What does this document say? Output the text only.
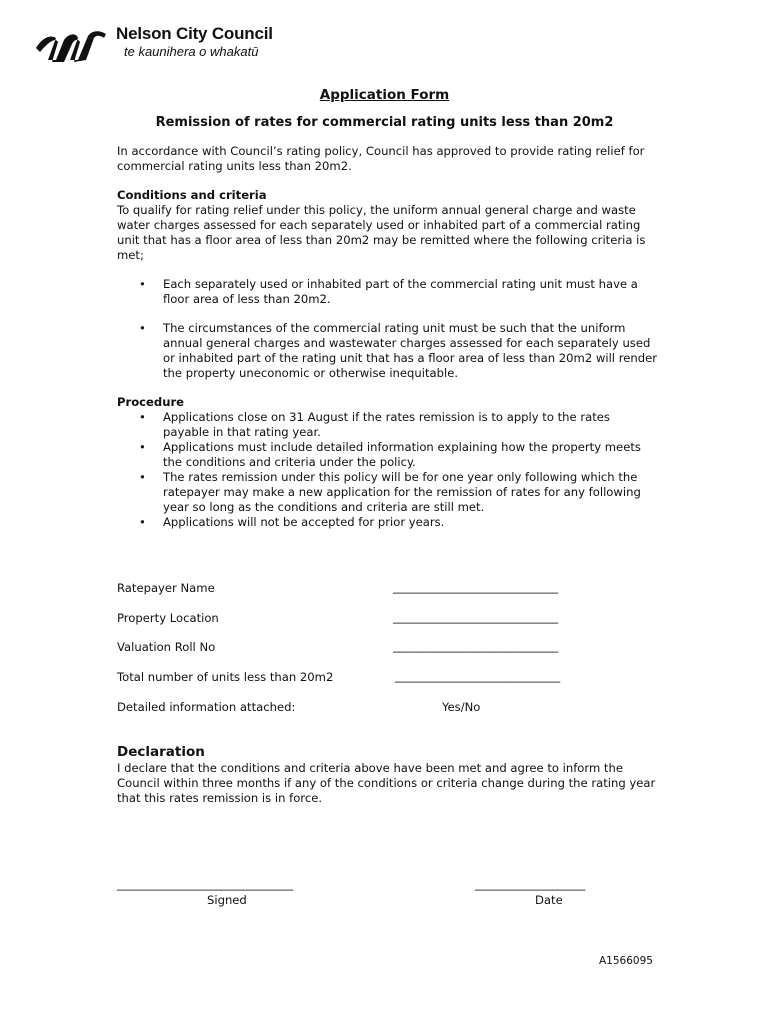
Nelson City Council
te kaunihera o whakatū
Application Form
Remission of rates for commercial rating units less than 20m2

In accordance with Council’s rating policy, Council has approved to provide rating relief for commercial rating units less than 20m2.

Conditions and criteria

To qualify for rating relief under this policy, the uniform annual general charge and waste water charges assessed for each separately used or inhabited part of a commercial rating unit that has a floor area of less than 20m2 may be remitted where the following criteria is met;

• Each separately used or inhabited part of the commercial rating unit must have a floor area of less than 20m2.
• The circumstances of the commercial rating unit must be such that the uniform annual general charges and wastewater charges assessed for each separately used or inhabited part of the rating unit that has a floor area of less than 20m2 will render the property uneconomic or otherwise inequitable.
Procedure
• Applications close on 31 August if the rates remission is to apply to the rates payable in that rating year.
• Applications must include detailed information explaining how the property meets the conditions and criteria under the policy.
• The rates remission under this policy will be for one year only following which the ratepayer may make a new application for the remission of rates for any following year so long as the conditions and criteria are still met.
• Applications will not be accepted for prior years.
Ratepayer Name	______________________________
Property Location	______________________________
Valuation Roll No	______________________________
Total number of units less than 20m2	______________________________
Detailed information attached:	Yes/No
Declaration

I declare that the conditions and criteria above have been met and agree to inform the Council within three months if any of the conditions or criteria change during the rating year that this rates remission is in force.

________________________________
Signed
____________________
Date
A1566095
